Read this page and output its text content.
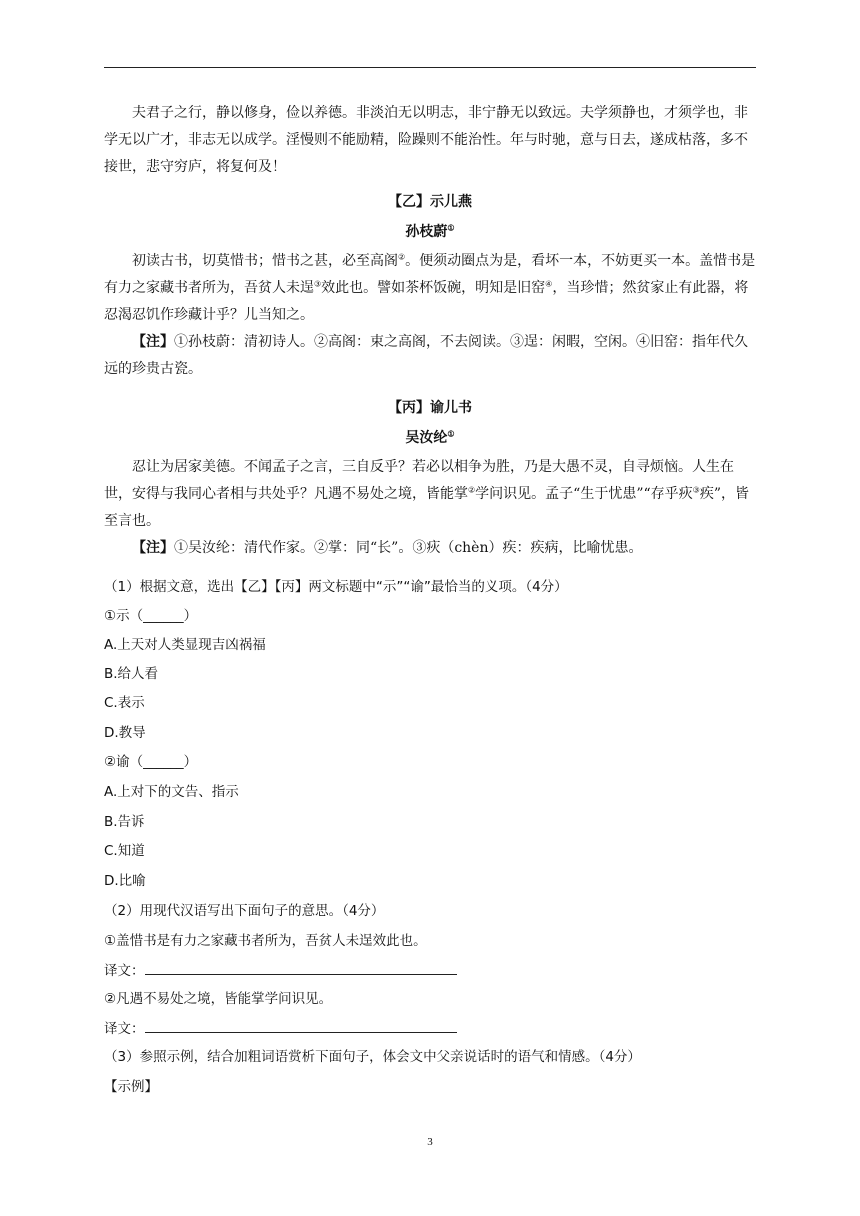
夫君子之行，静以修身，俭以养德。非淡泊无以明志，非宁静无以致远。夫学须静也，才须学也，非学无以广才，非志无以成学。淫慢则不能励精，险躁则不能治性。年与时驰，意与日去，遂成枯落，多不接世，悲守穷庐，将复何及！

【乙】示儿燕
孙枝蔚①

初读古书，切莫惜书；惜书之甚，必至高阁②。便须动圈点为是，看坏一本，不妨更买一本。盖惜书是有力之家藏书者所为，吾贫人未逞③效此也。譬如茶杯饭碗，明知是旧窑④，当珍惜；然贫家止有此器，将忍渴忍饥作珍藏计乎？儿当知之。

【注】①孙枝蔚：清初诗人。②高阁：束之高阁，不去阅读。③逞：闲暇，空闲。④旧窑：指年代久远的珍贵古瓷。

【丙】谕儿书
吴汝纶①

忍让为居家美德。不闻孟子之言，三自反乎？若必以相争为胜，乃是大愚不灵，自寻烦恼。人生在世，安得与我同心者相与共处乎？凡遇不易处之境，皆能掌②学问识见。孟子“生于忧患”“存乎疢③疾”，皆至言也。

【注】①吴汝纶：清代作家。②掌：同“长”。③疢（chèn）疾：疾病，比喻忧患。

（1）根据文意，选出【乙】【丙】两文标题中“示”“谕”最恰当的义项。（4分）
①示（______）
A.上天对人类显现吉凶祸福
B.给人看
C.表示
D.教导
②谕（______）
A.上对下的文告、指示
B.告诉
C.知道
D.比喻
（2）用现代汉语写出下面句子的意思。（4分）
①盖惜书是有力之家藏书者所为，吾贫人未逞效此也。
译文：
②凡遇不易处之境，皆能掌学问识见。
译文：
（3）参照示例，结合加粗词语赏析下面句子，体会文中父亲说话时的语气和情感。（4分）
【示例】
3
